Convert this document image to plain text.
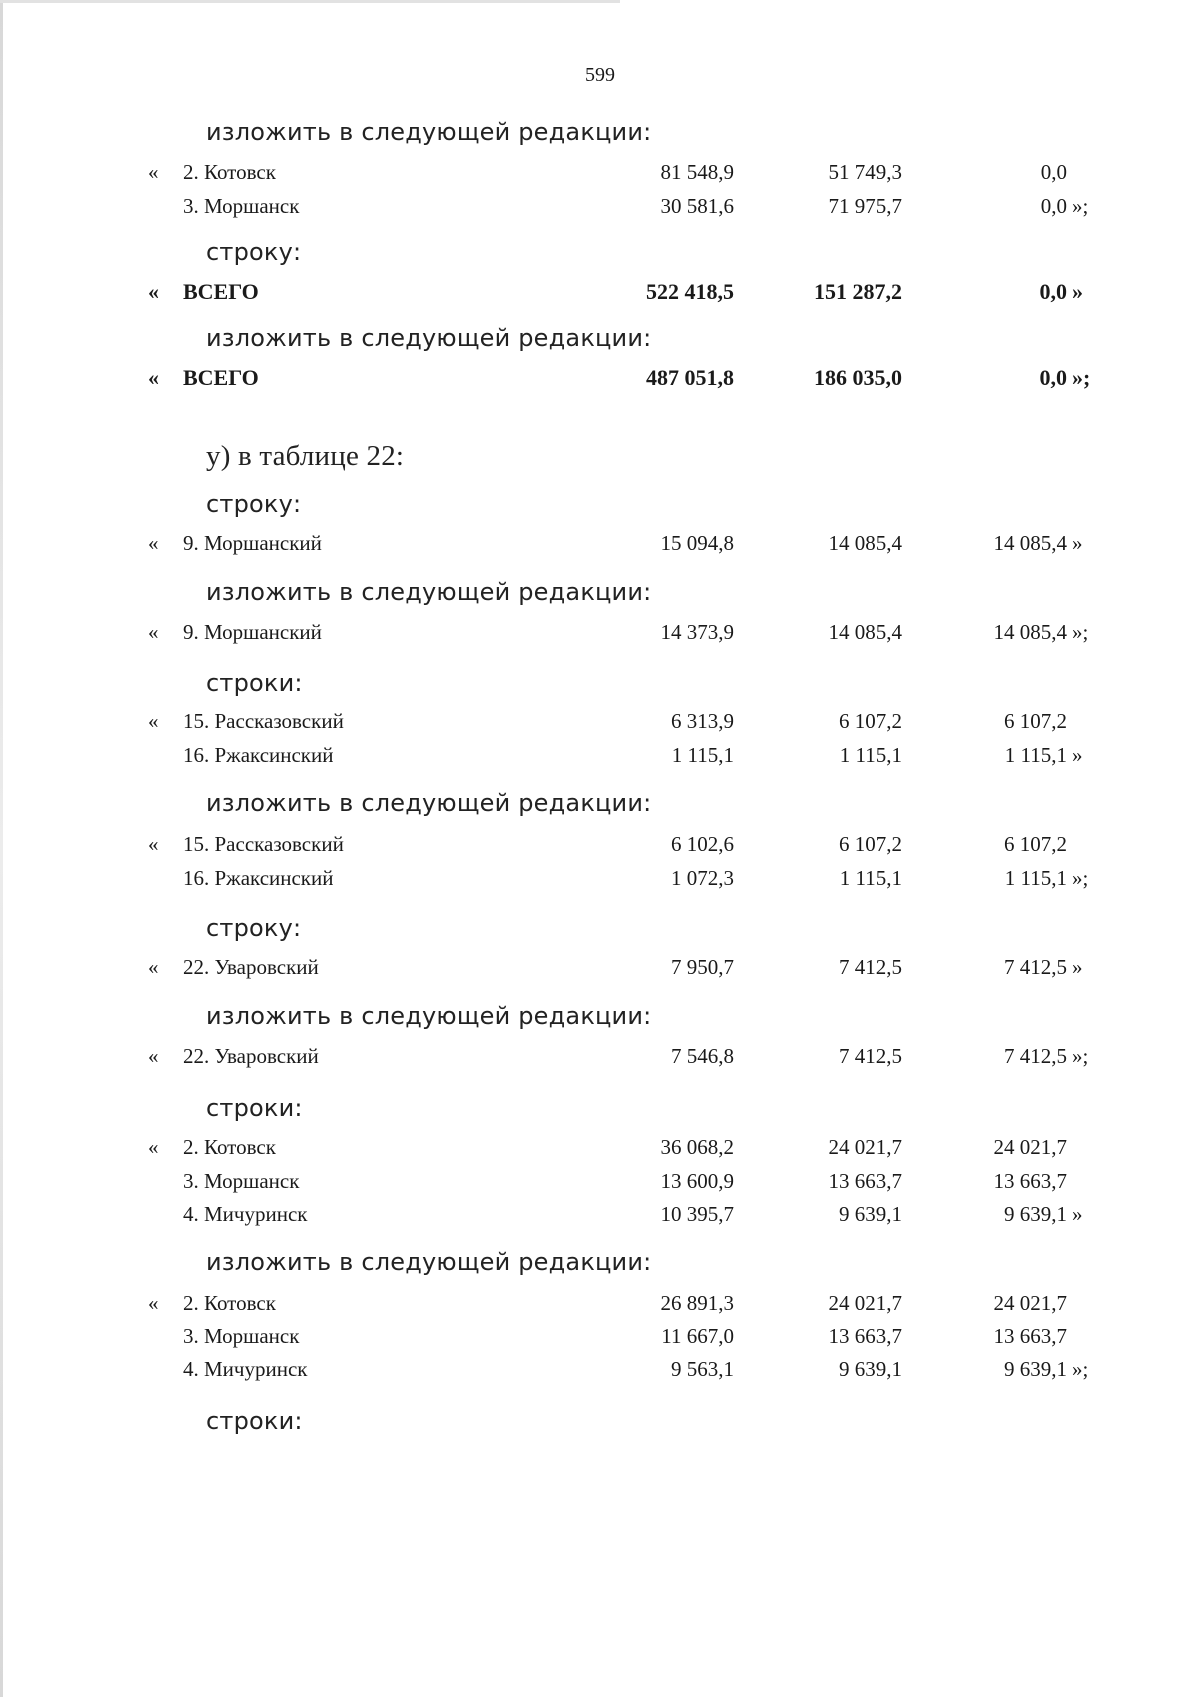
599
изложить в следующей редакции:
« 2. Котовск	81 548,9	51 749,3	0,0
3. Моршанск	30 581,6	71 975,7	0,0 »;
строку:
« ВСЕГО	522 418,5	151 287,2	0,0 »
изложить в следующей редакции:
« ВСЕГО	487 051,8	186 035,0	0,0 »;
у) в таблице 22:
строку:
« 9. Моршанский	15 094,8	14 085,4	14 085,4 »
изложить в следующей редакции:
« 9. Моршанский	14 373,9	14 085,4	14 085,4 »;
строки:
« 15. Рассказовский	6 313,9	6 107,2	6 107,2
16. Ржаксинский	1 115,1	1 115,1	1 115,1 »
изложить в следующей редакции:
« 15. Рассказовский	6 102,6	6 107,2	6 107,2
16. Ржаксинский	1 072,3	1 115,1	1 115,1 »;
строку:
« 22. Уваровский	7 950,7	7 412,5	7 412,5 »
изложить в следующей редакции:
« 22. Уваровский	7 546,8	7 412,5	7 412,5 »;
строки:
« 2. Котовск	36 068,2	24 021,7	24 021,7
3. Моршанск	13 600,9	13 663,7	13 663,7
4. Мичуринск	10 395,7	9 639,1	9 639,1 »
изложить в следующей редакции:
« 2. Котовск	26 891,3	24 021,7	24 021,7
3. Моршанск	11 667,0	13 663,7	13 663,7
4. Мичуринск	9 563,1	9 639,1	9 639,1 »;
строки:
